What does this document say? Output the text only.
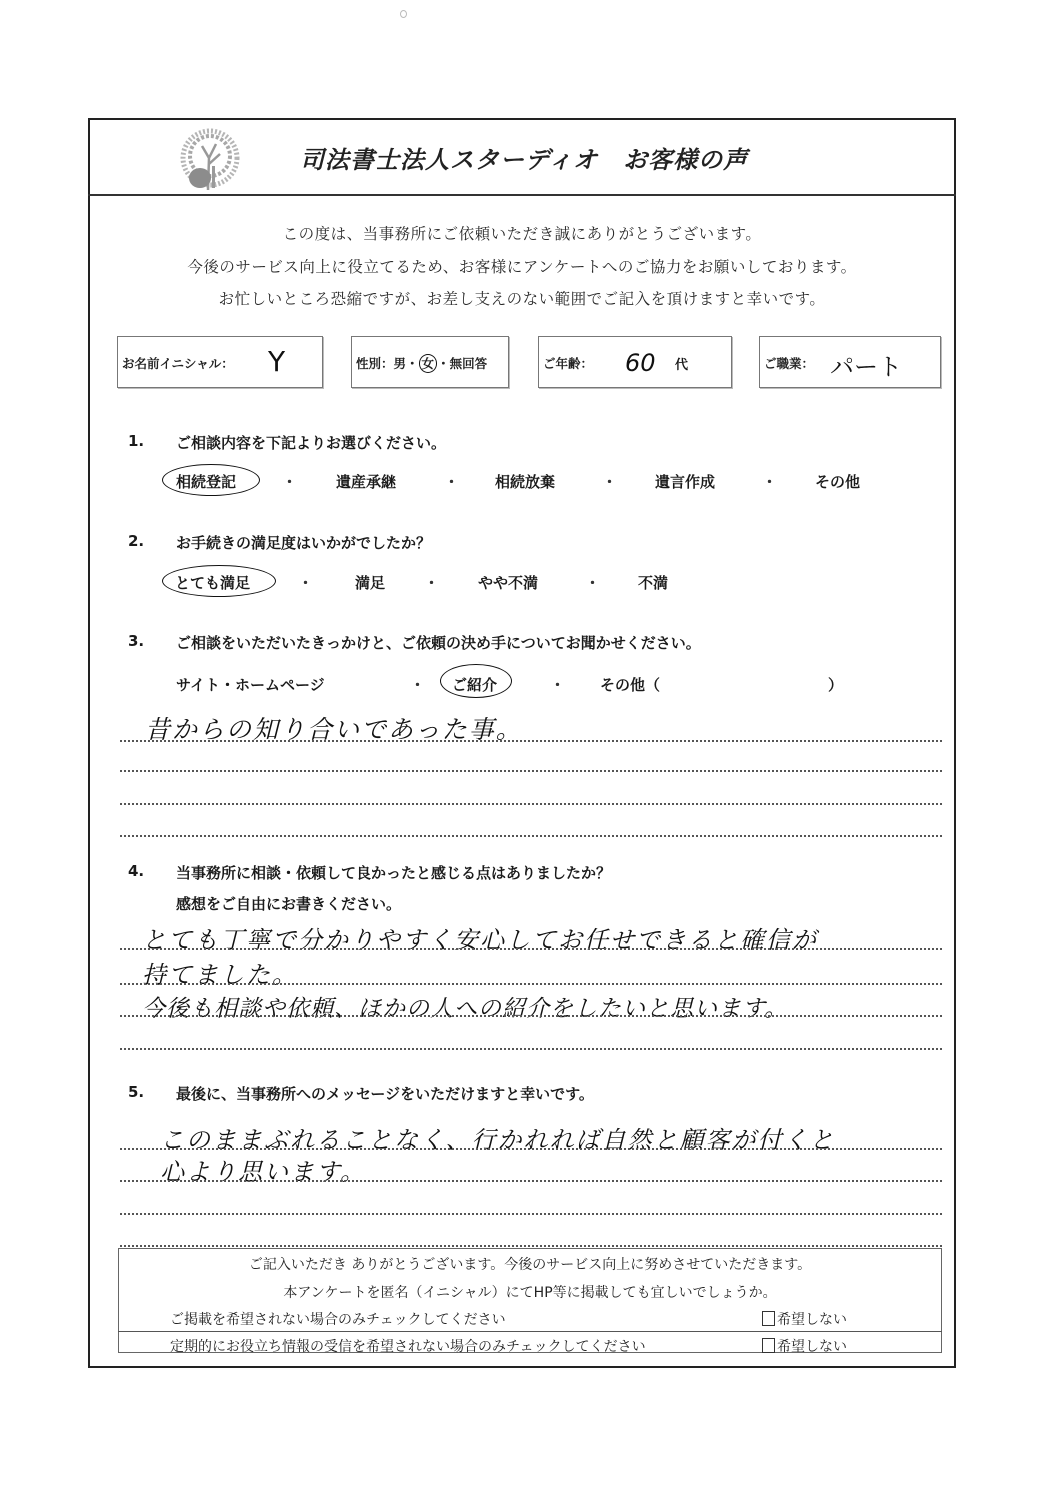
司法書士法人スターディオ　お客様の声
この度は、当事務所にご依頼いただき誠にありがとうございます。
今後のサービス向上に役立てるため、お客様にアンケートへのご協力をお願いしております。
お忙しいところ恐縮ですが、お差し支えのない範囲でご記入を頂けますと幸いです。
お名前イニシャル： Y	性別：男・ 女 ・無回答	ご年齢： 60 代	ご職業： パート
1. ご相談内容を下記よりお選びください。
相続登記	・	遺産承継	・ 相続放棄	・	遺言作成	・	その他
2. お手続きの満足度はいかがでしたか？
とても満足	・	満足	・	やや不満	・	不満
3. ご相談をいただいたきっかけと、ご依頼の決め手についてお聞かせください。
サイト・ホームページ	・ ご紹介	・ その他（	）
昔からの知り合いであった事。
4. 当事務所に相談・依頼して良かったと感じる点はありましたか？
感想をご自由にお書きください。
とても丁寧で分かりやすく安心してお任せできると確信が
持てました。
今後も相談や依頼、ほかの人への紹介をしたいと思います。
5. 最後に、当事務所へのメッセージをいただけますと幸いです。
このままぶれることなく、行かれれば自然と顧客が付くと
心より思います。
ご記入いただき ありがとうございます。今後のサービス向上に努めさせていただきます。
本アンケートを匿名（イニシャル）にてHP等に掲載しても宜しいでしょうか。
ご掲載を希望されない場合のみチェックしてください	希望しない
定期的にお役立ち情報の受信を希望されない場合のみチェックしてください	希望しない
